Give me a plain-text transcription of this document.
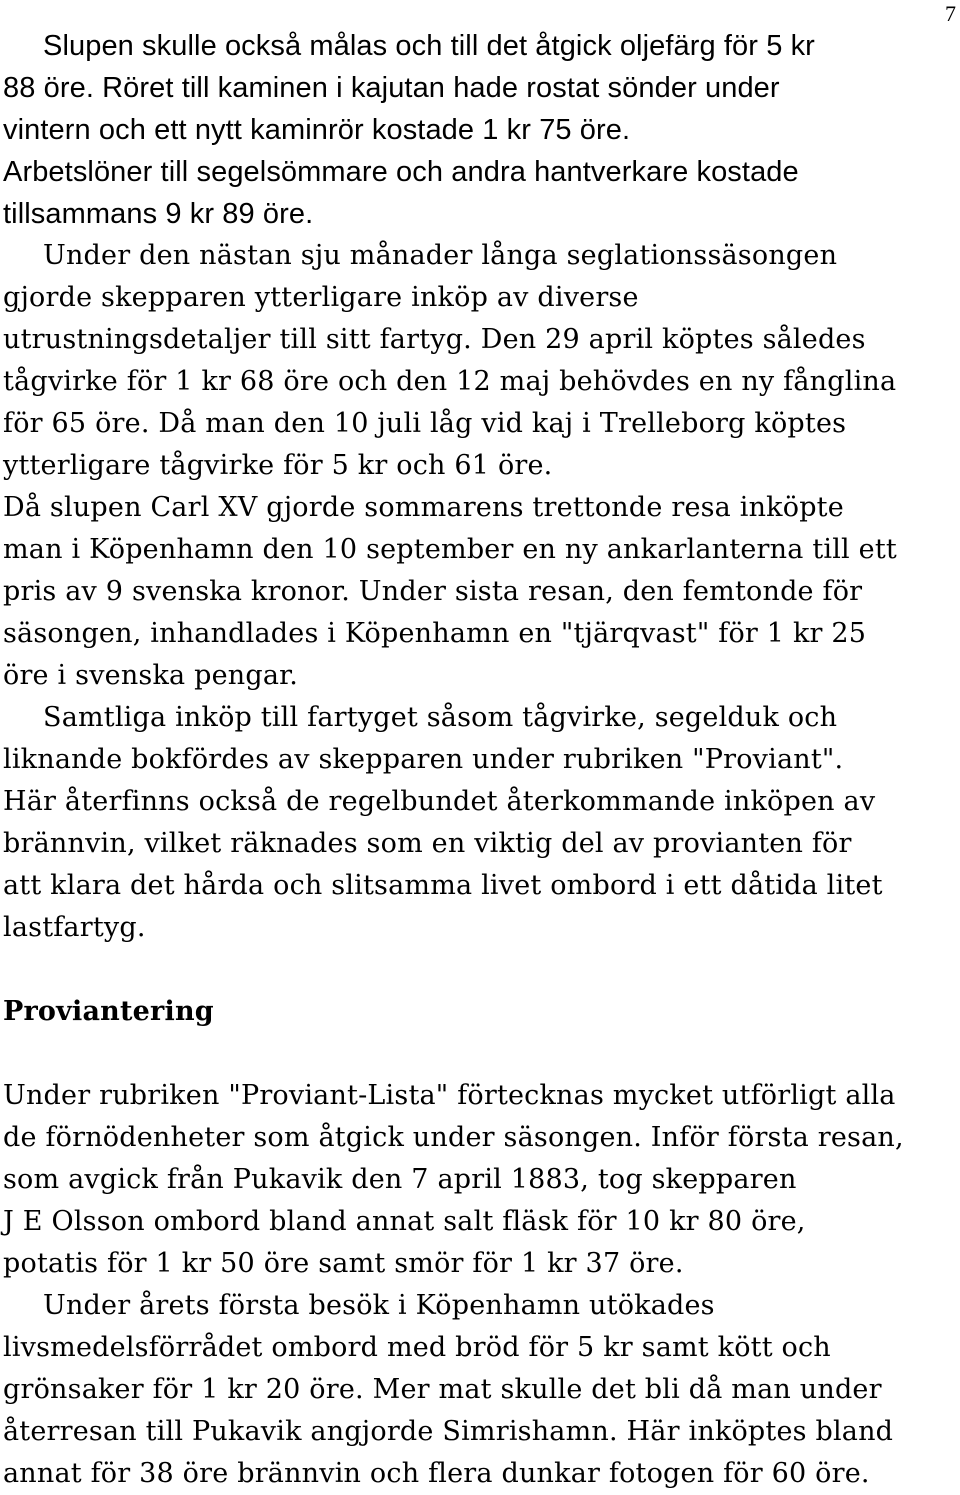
7
Slupen skulle också målas och till det åtgick oljefärg för 5 kr
88 öre. Röret till kaminen i kajutan hade rostat sönder under
vintern och ett nytt kaminrör kostade 1 kr 75 öre.
Arbetslöner till segelsömmare och andra hantverkare kostade
tillsammans 9 kr 89 öre.
Under den nästan sju månader långa seglationssäsongen
gjorde skepparen ytterligare inköp av diverse
utrustningsdetaljer till sitt fartyg. Den 29 april köptes således
tågvirke för 1 kr 68 öre och den 12 maj behövdes en ny fånglina
för 65 öre. Då man den 10 juli låg vid kaj i Trelleborg köptes
ytterligare tågvirke för 5 kr och 61 öre.
Då slupen Carl XV gjorde sommarens trettonde resa inköpte
man i Köpenhamn den 10 september en ny ankarlanterna till ett
pris av 9 svenska kronor. Under sista resan, den femtonde för
säsongen, inhandlades i Köpenhamn en "tjärqvast" för 1 kr 25
öre i svenska pengar.
Samtliga inköp till fartyget såsom tågvirke, segelduk och
liknande bokfördes av skepparen under rubriken "Proviant".
Här återfinns också de regelbundet återkommande inköpen av
brännvin, vilket räknades som en viktig del av provianten för
att klara det hårda och slitsamma livet ombord i ett dåtida litet
lastfartyg.
Proviantering
Under rubriken "Proviant-Lista" förtecknas mycket utförligt alla
de förnödenheter som åtgick under säsongen. Inför första resan,
som avgick från Pukavik den 7 april 1883, tog skepparen
J E Olsson ombord bland annat salt fläsk för 10 kr 80 öre,
potatis för 1 kr 50 öre samt smör för 1 kr 37 öre.
Under årets första besök i Köpenhamn utökades
livsmedelsförrådet ombord med bröd för 5 kr samt kött och
grönsaker för 1 kr 20 öre. Mer mat skulle det bli då man under
återresan till Pukavik angjorde Simrishamn. Här inköptes bland
annat för 38 öre brännvin och flera dunkar fotogen för 60 öre.
